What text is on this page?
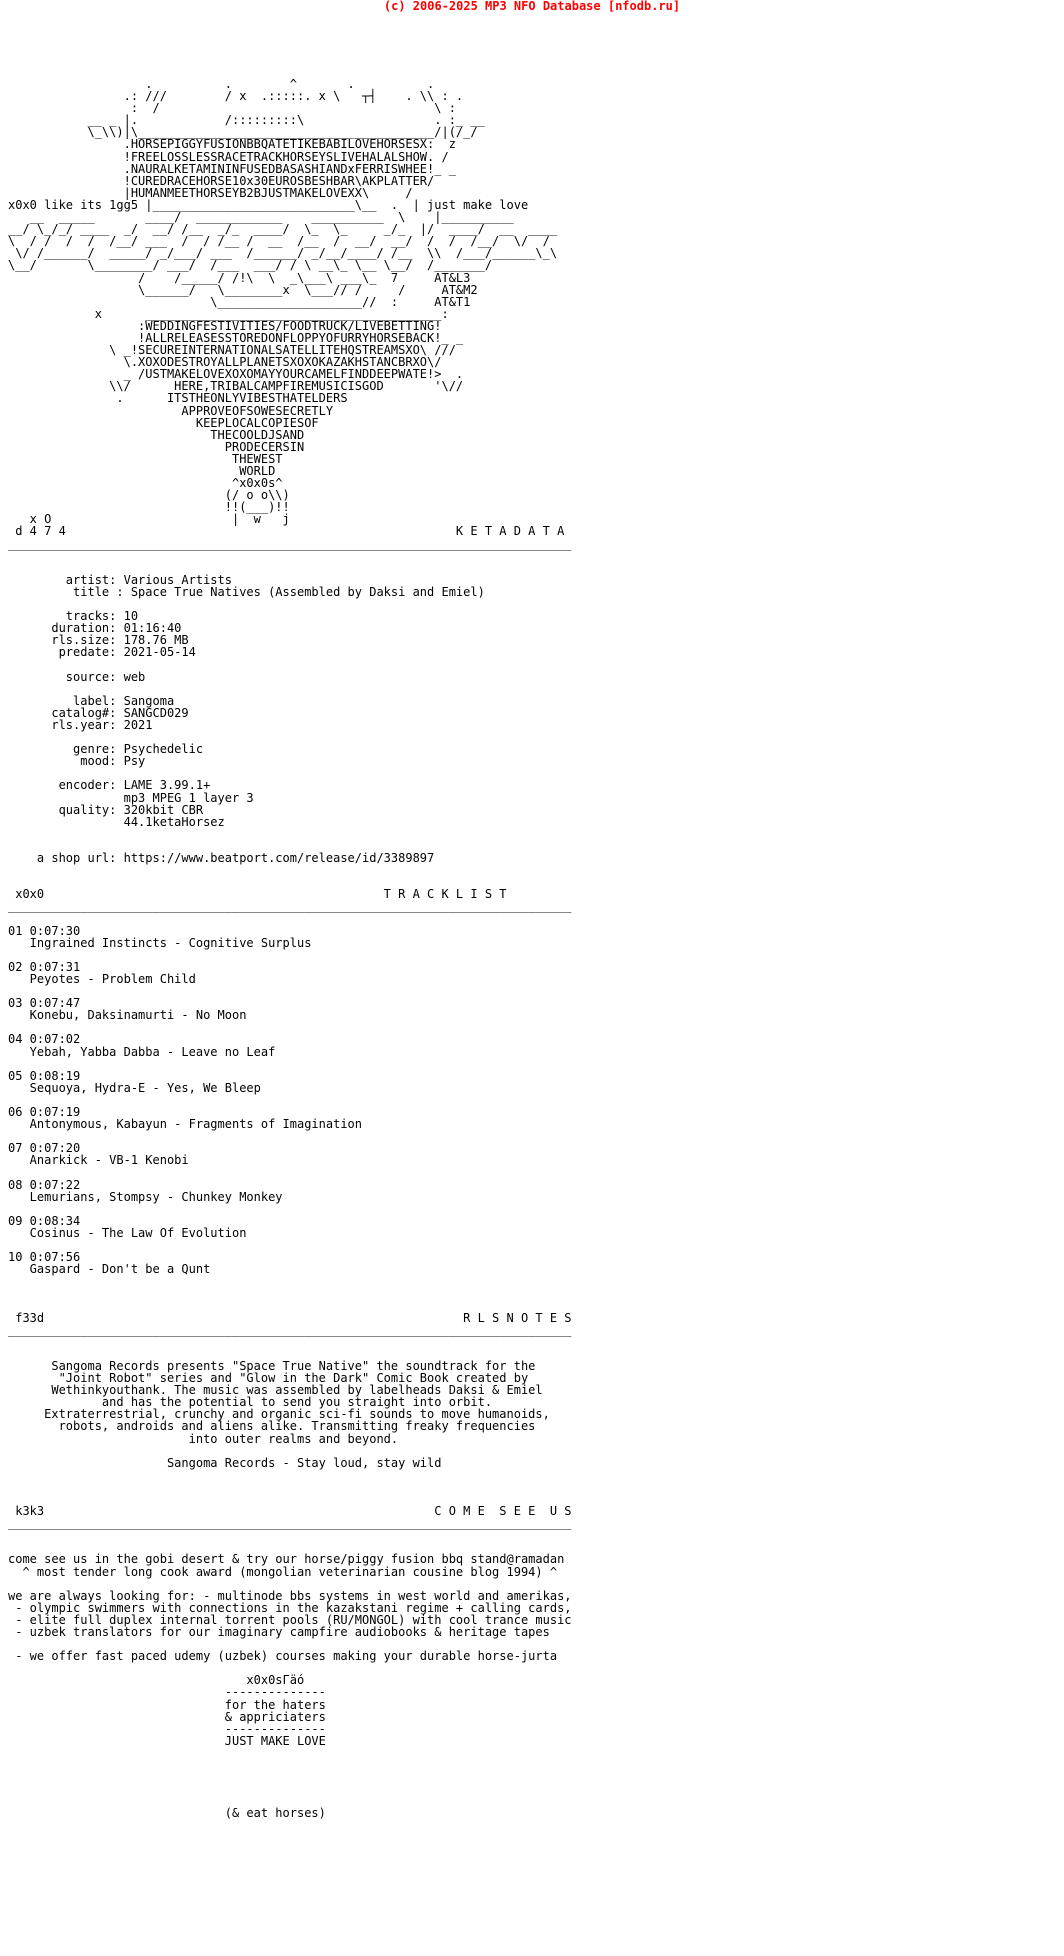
(c) 2006-2025 MP3 NFO Database [nfodb.ru]
.          .        ^       .          .
.: ///        / x  .:::::. x \   ┬┤    . \\ : .
:  /                                      \ :
__ _ |.            /:::::::::\                  . :_ __
\_\\)|\_________________________________________/|(/_/
.HORSEPIGGYFUSIONBBQATETIKEBABILOVEHORSESX:  z
!FREELOSSLESSRACETRACKHORSEYSLIVEHALALSHOW. /
.NAURALKETAMININFUSEDBASASHIANDxFERRISWHEE!_ _
!CUREDRACEHORSE10x30EUROSBESHBAR\AKPLATTER/
|HUMANMEETHORSEYB2BJUSTMAKELOVEXX\     /
x0x0 like its 1gg5 |____________________________\__  .  | just make love
__  _____       ____/  ____________    __________  \    |__________
__/ \_/_/ ____  _/  __/ /__  _/_  ____/  \_  \_     _/_  |/  ____/  __  ____
\  / /  /  /  /__/ ___  /  / /__ /  __  /__  /  __/  __/  /  /  /__/  \/  /
\/ /______/  _____/ _/___/ ___  /______/ _/__/____/ /__  \\  /___/______\_\
\__/       \________/ ___/  /___  ___/ / \ __\_ \__ \__/  /_______/
/    /_____/ /!\  \  _\___\ ___\_  7     AT&L3
\______/   \________x  \___// /     /     AT&M2
\____________________//  :     AT&T1
x      _________________________________________:
:WEDDINGFESTIVITIES/FOODTRUCK/LIVEBETTING!
!ALLRELEASESSTOREDONFLOPPYOFURRYHORSEBACK!_ _
\ _!SECUREINTERNATIONALSATELLITEHQSTREAMSXO\ ///
\.XOXODESTROYALLPLANETSXOXOKAZAKHSTANCBRXO\/
_ /USTMAKELOVEXOXOMAYYOURCAMELFINDDEEPWATE!>  .
\\/      HERE,TRIBALCAMPFIREMUSICISGOD       '\//
.      ITSTHEONLYVIBESTHATELDERS
APPROVEOFSOWESECRETLY
KEEPLOCALCOPIESOF
THECOOLDJSAND
PRODECERSIN
THEWEST
WORLD
^x0x0s^
(/ o o\\)
!!(___)!!
x O                         |  w   j
d 4 7 4                                                      K E T A D A T A
______________________________________________________________________________

artist: Various Artists
title : Space True Natives (Assembled by Daksi and Emiel)

tracks: 10
duration: 01:16:40
rls.size: 178.76 MB
predate: 2021-05-14

source: web

label: Sangoma
catalog#: SANGCD029
rls.year: 2021

genre: Psychedelic
mood: Psy

encoder: LAME 3.99.1+
mp3 MPEG 1 layer 3
quality: 320kbit CBR
44.1ketaHorsez

a shop url: https://www.beatport.com/release/id/3389897

x0x0                                               T R A C K L I S T
______________________________________________________________________________

01 0:07:30
Ingrained Instincts - Cognitive Surplus

02 0:07:31
Peyotes - Problem Child

03 0:07:47
Konebu, Daksinamurti - No Moon

04 0:07:02
Yebah, Yabba Dabba - Leave no Leaf

05 0:08:19
Sequoya, Hydra-E - Yes, We Bleep

06 0:07:19
Antonymous, Kabayun - Fragments of Imagination

07 0:07:20
Anarkick - VB-1 Kenobi

08 0:07:22
Lemurians, Stompsy - Chunkey Monkey

09 0:08:34
Cosinus - The Law Of Evolution

10 0:07:56
Gaspard - Don't be a Qunt

f33d                                                          R L S N O T E S
______________________________________________________________________________

Sangoma Records presents "Space True Native" the soundtrack for the
"Joint Robot" series and "Glow in the Dark" Comic Book created by
Wethinkyouthank. The music was assembled by labelheads Daksi & Emiel
and has the potential to send you straight into orbit.
Extraterrestrial, crunchy and organic sci-fi sounds to move humanoids,
robots, androids and aliens alike. Transmitting freaky frequencies
into outer realms and beyond.

Sangoma Records - Stay loud, stay wild

k3k3                                                      C O M E  S E E  U S
______________________________________________________________________________

come see us in the gobi desert & try our horse/piggy fusion bbq stand@ramadan
^ most tender long cook award (mongolian veterinarian cousine blog 1994) ^

we are always looking for: - multinode bbs systems in west world and amerikas,
- olympic swimmers with connections in the kazakstani regime + calling cards,
- elite full duplex internal torrent pools (RU/MONGOL) with cool trance music
- uzbek translators for our imaginary campfire audiobooks & heritage tapes

- we offer fast paced udemy (uzbek) courses making your durable horse-jurta

x0x0sГäó
--------------
for the haters
& appriciaters
--------------
JUST MAKE LOVE

(& eat horses)
